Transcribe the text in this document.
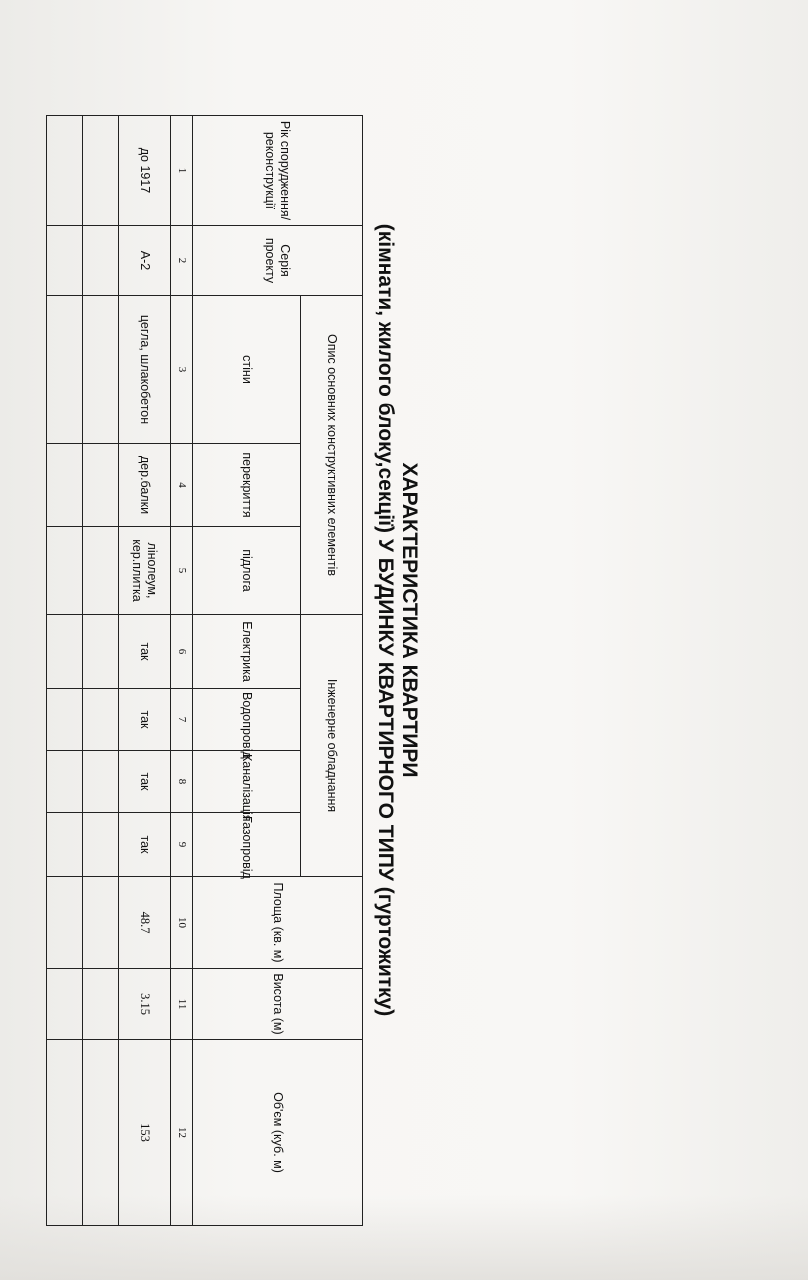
ХАРАКТЕРИСТИКА КВАРТИРИ
(кімнати, жилого блоку,секції) У БУДИНКУ КВАРТИРНОГО ТИПУ (гуртожитку)
Рік спорудження/ реконструкції	Серія проекту	Опис основних конструктивних елементів			Інженерне обладнання				Площа (кв. м)	Висота (м)	Об'єм (куб. м)
		стіни	перекриття	підлога	Електрика	Водопровід	Каналізація	Газопровід			
1	2	3	4	5	6	7	8	9	10	11	12
до 1917	А-2	цегла, шлакобетон	дер.балки	лінолеум, кер.плитка	так	так	так	так	48.7	3.15	153
